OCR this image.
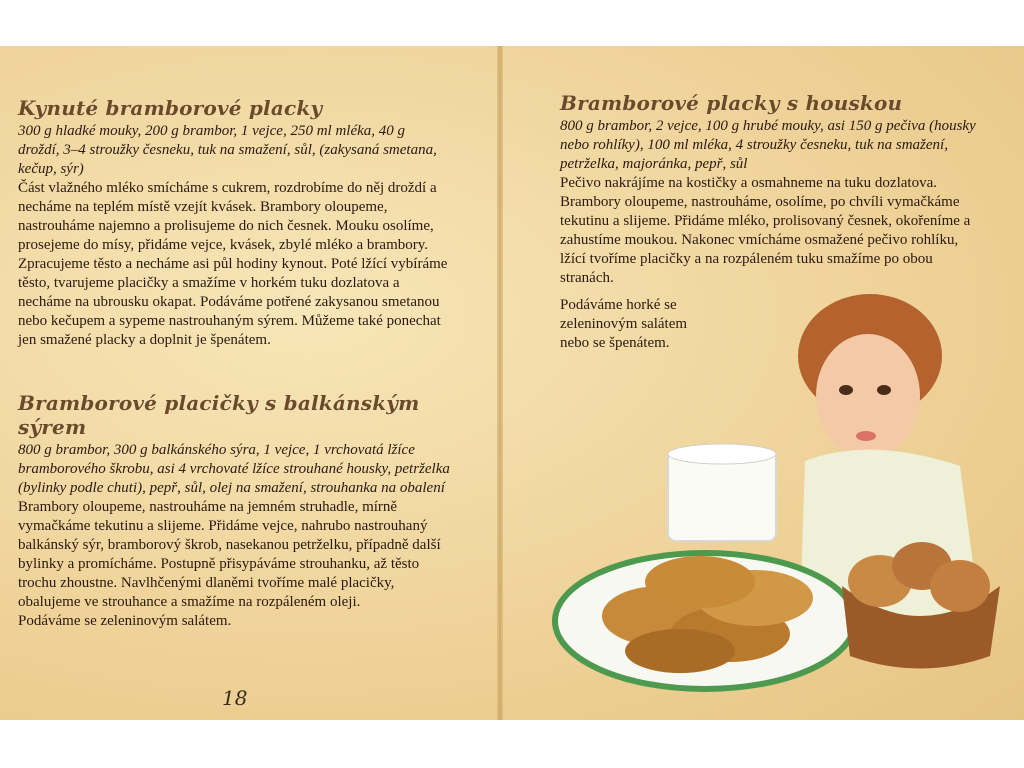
Kynuté bramborové placky

300 g hladké mouky, 200 g brambor, 1 vejce, 250 ml mléka, 40 g droždí, 3–4 stroužky česneku, tuk na smažení, sůl, (zakysaná smetana, kečup, sýr)

Část vlažného mléko smícháme s cukrem, rozdrobíme do něj droždí a necháme na teplém místě vzejít kvásek. Brambory oloupeme, nastrouháme najemno a prolisujeme do nich česnek. Mouku osolíme, prosejeme do mísy, přidáme vejce, kvásek, zbylé mléko a brambory. Zpracujeme těsto a necháme asi půl hodiny kynout. Poté lžící vybíráme těsto, tvarujeme placičky a smažíme v horkém tuku dozlatova a necháme na ubrousku okapat. Podáváme potřené zakysanou smetanou nebo kečupem a sypeme nastrouhaným sýrem. Můžeme také ponechat jen smažené placky a doplnit je špenátem.

Bramborové placičky s balkánským sýrem

800 g brambor, 300 g balkánského sýra, 1 vejce, 1 vrchovatá lžíce bramborového škrobu, asi 4 vrchovaté lžíce strouhané housky, petrželka (bylinky podle chuti), pepř, sůl, olej na smažení, strouhanka na obalení

Brambory oloupeme, nastrouháme na jemném struhadle, mírně vymačkáme tekutinu a slijeme. Přidáme vejce, nahrubo nastrouhaný balkánský sýr, bramborový škrob, nasekanou petrželku, případně další bylinky a promícháme. Postupně přisypáváme strouhanku, až těsto trochu zhoustne. Navlhčenými dlaněmi tvoříme malé placičky, obalujeme ve strouhance a smažíme na rozpáleném oleji.

Podáváme se zeleninovým salátem.

18
Bramborové placky s houskou

800 g brambor, 2 vejce, 100 g hrubé mouky, asi 150 g pečiva (housky nebo rohlíky), 100 ml mléka, 4 stroužky česneku, tuk na smažení, petrželka, majoránka, pepř, sůl

Pečivo nakrájíme na kostičky a osmahneme na tuku dozlatova. Brambory oloupeme, nastrouháme, osolíme, po chvíli vymačkáme tekutinu a slijeme. Přidáme mléko, prolisovaný česnek, okořeníme a zahustíme moukou. Nakonec vmícháme osmažené pečivo rohlíku, lžící tvoříme placičky a na rozpáleném tuku smažíme po obou stranách.

Podáváme horké se
zeleninovým salátem
nebo se špenátem.
